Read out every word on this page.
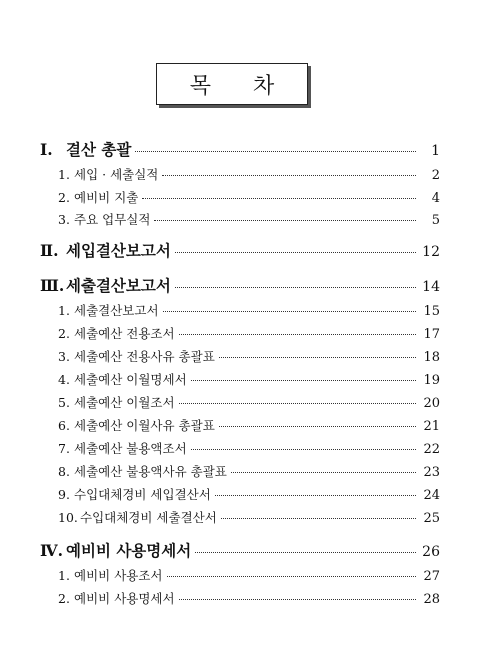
목 차
Ⅰ. 결산 총괄	1
1. 세입 · 세출실적	2
2. 예비비 지출	4
3. 주요 업무실적	5
Ⅱ. 세입결산보고서	12
Ⅲ. 세출결산보고서	14
1. 세출결산보고서	15
2. 세출예산 전용조서	17
3. 세출예산 전용사유 총괄표	18
4. 세출예산 이월명세서	19
5. 세출예산 이월조서	20
6. 세출예산 이월사유 총괄표	21
7. 세출예산 불용액조서	22
8. 세출예산 불용액사유 총괄표	23
9. 수입대체경비 세입결산서	24
10. 수입대체경비 세출결산서	25
Ⅳ. 예비비 사용명세서	26
1. 예비비 사용조서	27
2. 예비비 사용명세서	28
